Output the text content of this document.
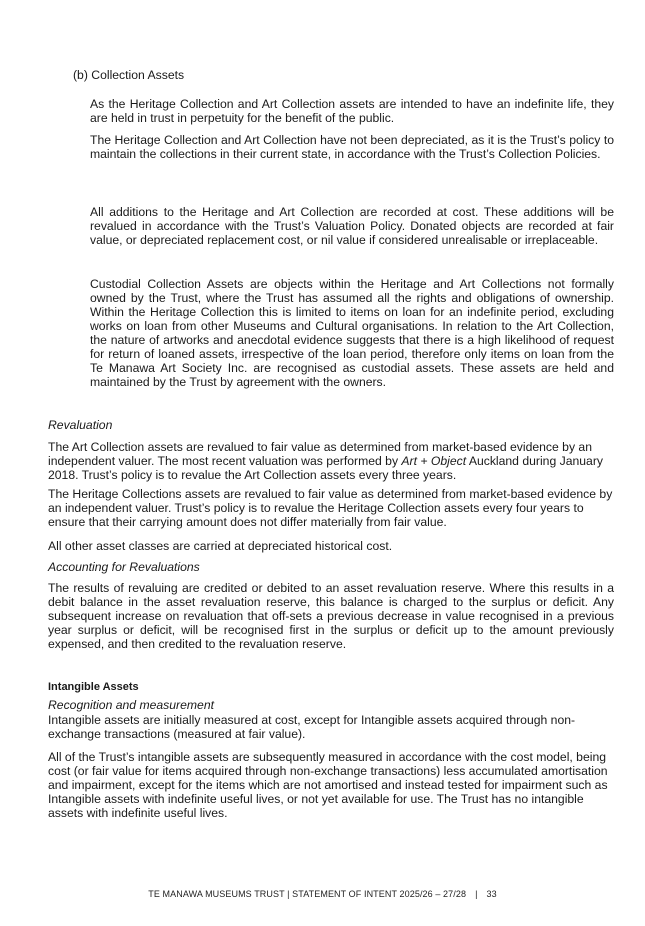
(b) Collection Assets

As the Heritage Collection and Art Collection assets are intended to have an indefinite life, they are held in trust in perpetuity for the benefit of the public.

The Heritage Collection and Art Collection have not been depreciated, as it is the Trust’s policy to maintain the collections in their current state, in accordance with the Trust’s Collection Policies.

All additions to the Heritage and Art Collection are recorded at cost. These additions will be revalued in accordance with the Trust’s Valuation Policy. Donated objects are recorded at fair value, or depreciated replacement cost, or nil value if considered unrealisable or irreplaceable.

Custodial Collection Assets are objects within the Heritage and Art Collections not formally owned by the Trust, where the Trust has assumed all the rights and obligations of ownership. Within the Heritage Collection this is limited to items on loan for an indefinite period, excluding works on loan from other Museums and Cultural organisations. In relation to the Art Collection, the nature of artworks and anecdotal evidence suggests that there is a high likelihood of request for return of loaned assets, irrespective of the loan period, therefore only items on loan from the Te Manawa Art Society Inc. are recognised as custodial assets. These assets are held and maintained by the Trust by agreement with the owners.

Revaluation

The Art Collection assets are revalued to fair value as determined from market-based evidence by an independent valuer. The most recent valuation was performed by Art + Object Auckland during January 2018. Trust’s policy is to revalue the Art Collection assets every three years.

The Heritage Collections assets are revalued to fair value as determined from market-based evidence by an independent valuer. Trust’s policy is to revalue the Heritage Collection assets every four years to ensure that their carrying amount does not differ materially from fair value.

All other asset classes are carried at depreciated historical cost.

Accounting for Revaluations

The results of revaluing are credited or debited to an asset revaluation reserve. Where this results in a debit balance in the asset revaluation reserve, this balance is charged to the surplus or deficit. Any subsequent increase on revaluation that off-sets a previous decrease in value recognised in a previous year surplus or deficit, will be recognised first in the surplus or deficit up to the amount previously expensed, and then credited to the revaluation reserve.

Intangible Assets

Recognition and measurement

Intangible assets are initially measured at cost, except for Intangible assets acquired through non-exchange transactions (measured at fair value).

All of the Trust’s intangible assets are subsequently measured in accordance with the cost model, being cost (or fair value for items acquired through non-exchange transactions) less accumulated amortisation and impairment, except for the items which are not amortised and instead tested for impairment such as Intangible assets with indefinite useful lives, or not yet available for use. The Trust has no intangible assets with indefinite useful lives.

TE MANAWA MUSEUMS TRUST | STATEMENT OF INTENT 2025/26 – 27/28 | 33
